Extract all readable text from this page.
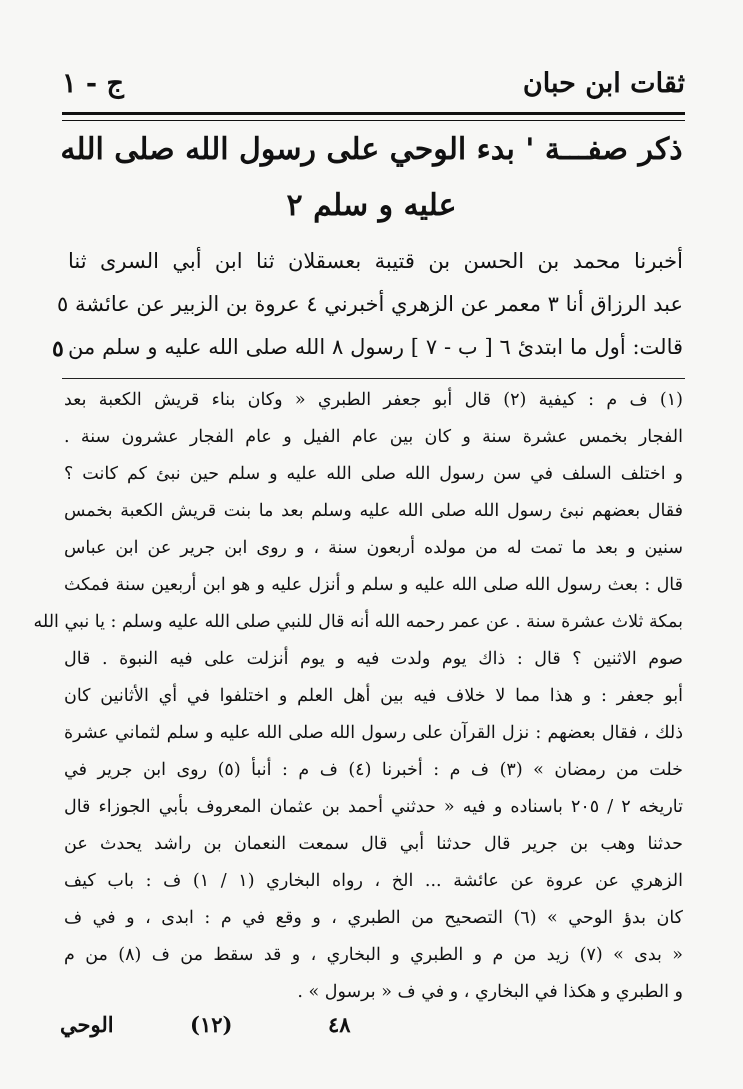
ج - ١	ثقات ابن حبان
ذكر صفـــة ' بدء الوحي على رسول الله صلى الله
عليه و سلم ٢
أخبرنا محمد بن الحسن بن قتيبة بعسقلان ثنا ابن أبي السرى ثنا
عبد الرزاق أنا ٣ معمر عن الزهري أخبرني ٤ عروة بن الزبير عن عائشة ٥
قالت: أول ما ابتدئ ٦ [ ب - ٧ ] رسول ٨ الله صلى الله عليه و سلم من
٥
(١) ف م : كيفية (٢) قال أبو جعفر الطبري « وكان بناء قريش الكعبة بعد
الفجار بخمس عشرة سنة و كان بين عام الفيل و عام الفجار عشرون سنة .
و اختلف السلف في سن رسول الله صلى الله عليه و سلم حين نبئ كم كانت ؟
فقال بعضهم نبئ رسول الله صلى الله عليه وسلم بعد ما بنت قريش الكعبة بخمس
سنين و بعد ما تمت له من مولده أربعون سنة ، و روى ابن جرير عن ابن عباس
قال : بعث رسول الله صلى الله عليه و سلم و أنزل عليه و هو ابن أربعين سنة فمكث
بمكة ثلاث عشرة سنة . عن عمر رحمه الله أنه قال للنبي صلى الله عليه وسلم : يا نبي الله
صوم الاثنين ؟ قال : ذاك يوم ولدت فيه و يوم أنزلت على فيه النبوة . قال
أبو جعفر : و هذا مما لا خلاف فيه بين أهل العلم و اختلفوا في أي الأثانين كان
ذلك ، فقال بعضهم : نزل القرآن على رسول الله صلى الله عليه و سلم لثماني عشرة
خلت من رمضان » (٣) ف م : أخبرنا (٤) ف م : أنبأ (٥) روى ابن جرير في
تاريخه ٢ / ٢٠٥ باسناده و فيه « حدثني أحمد بن عثمان المعروف بأبي الجوزاء قال
حدثنا وهب بن جرير قال حدثنا أبي قال سمعت النعمان بن راشد يحدث عن
الزهري عن عروة عن عائشة ... الخ ، رواه البخاري (١ / ١) ف : باب كيف
كان بدؤ الوحي » (٦) التصحيح من الطبري ، و وقع في م : ابدى ، و في ف
« بدى » (٧) زيد من م و الطبري و البخاري ، و قد سقط من ف (٨) من م
و الطبري و هكذا في البخاري ، و في ف « برسول » .
الوحي	(١٢)	٤٨
